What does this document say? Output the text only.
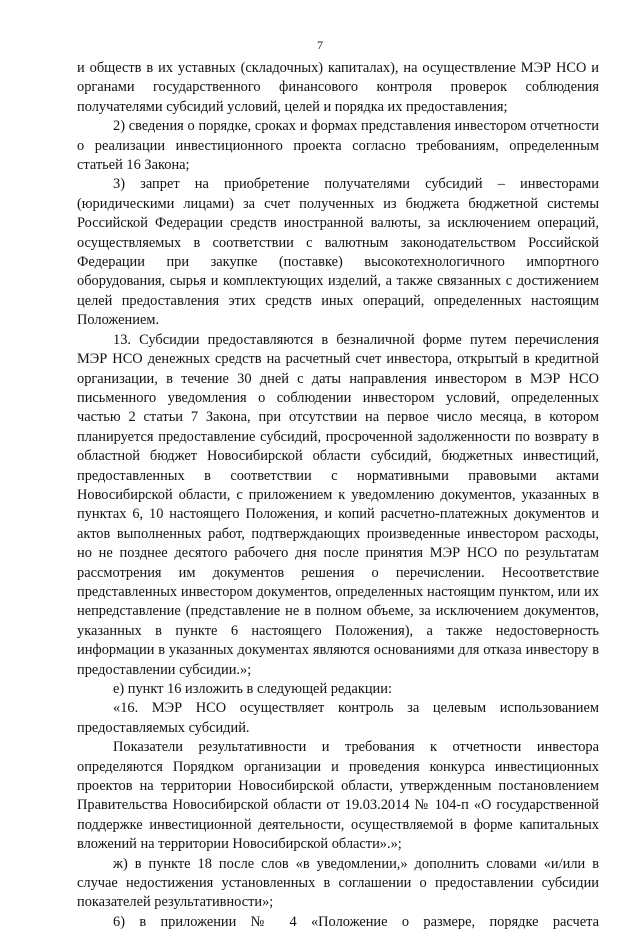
7

и обществ в их уставных (складочных) капиталах), на осуществление МЭР НСО и органами государственного финансового контроля проверок соблюдения получателями субсидий условий, целей и порядка их предоставления;

2) сведения о порядке, сроках и формах представления инвестором отчетности о реализации инвестиционного проекта согласно требованиям, определенным статьей 16 Закона;

3) запрет на приобретение получателями субсидий – инвесторами (юридическими лицами) за счет полученных из бюджета бюджетной системы Российской Федерации средств иностранной валюты, за исключением операций, осуществляемых в соответствии с валютным законодательством Российской Федерации при закупке (поставке) высокотехнологичного импортного оборудования, сырья и комплектующих изделий, а также связанных с достижением целей предоставления этих средств иных операций, определенных настоящим Положением.

13. Субсидии предоставляются в безналичной форме путем перечисления МЭР НСО денежных средств на расчетный счет инвестора, открытый в кредитной организации, в течение 30 дней с даты направления инвестором в МЭР НСО письменного уведомления о соблюдении инвестором условий, определенных частью 2 статьи 7 Закона, при отсутствии на первое число месяца, в котором планируется предоставление субсидий, просроченной задолженности по возврату в областной бюджет Новосибирской области субсидий, бюджетных инвестиций, предоставленных в соответствии с нормативными правовыми актами Новосибирской области, с приложением к уведомлению документов, указанных в пунктах 6, 10 настоящего Положения, и копий расчетно-платежных документов и актов выполненных работ, подтверждающих произведенные инвестором расходы, но не позднее десятого рабочего дня после принятия МЭР НСО по результатам рассмотрения им документов решения о перечислении. Несоответствие представленных инвестором документов, определенных настоящим пунктом, или их непредставление (представление не в полном объеме, за исключением документов, указанных в пункте 6 настоящего Положения), а также недостоверность информации в указанных документах являются основаниями для отказа инвестору в предоставлении субсидии.»;

е) пункт 16 изложить в следующей редакции:

«16. МЭР НСО осуществляет контроль за целевым использованием предоставляемых субсидий.

Показатели результативности и требования к отчетности инвестора определяются Порядком организации и проведения конкурса инвестиционных проектов на территории Новосибирской области, утвержденным постановлением Правительства Новосибирской области от 19.03.2014 № 104-п «О государственной поддержке инвестиционной деятельности, осуществляемой в форме капитальных вложений на территории Новосибирской области».»;

ж) в пункте 18 после слов «в уведомлении,» дополнить словами «и/или в случае недостижения установленных в соглашении о предоставлении субсидии показателей результативности»;

6) в приложении № 4 «Положение о размере, порядке расчета
